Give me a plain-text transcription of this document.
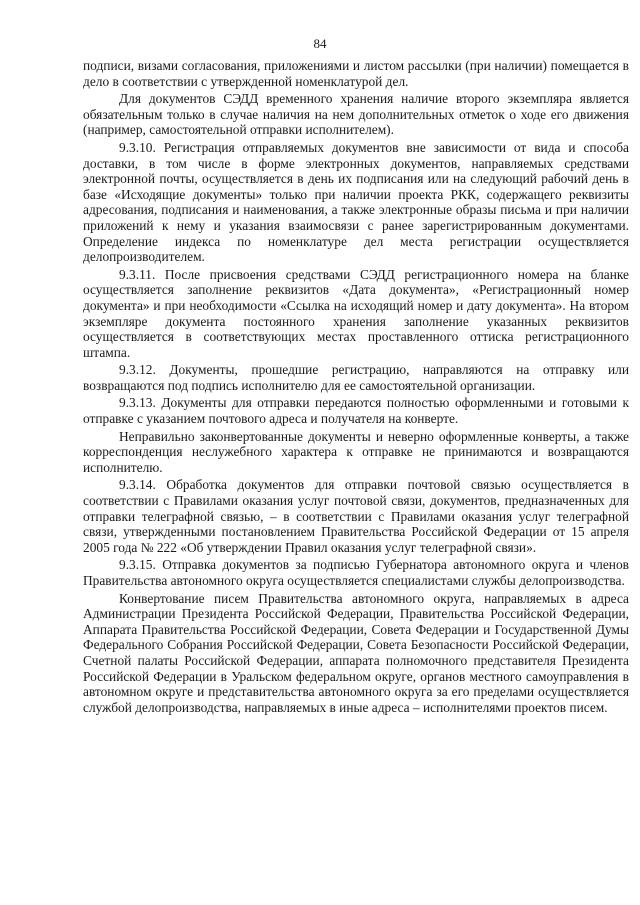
84

подписи, визами согласования, приложениями и листом рассылки (при наличии) помещается в дело в соответствии с утвержденной номенклатурой дел.

Для документов СЭДД временного хранения наличие второго экземпляра является обязательным только в случае наличия на нем дополнительных отметок о ходе его движения (например, самостоятельной отправки исполнителем).

9.3.10. Регистрация отправляемых документов вне зависимости от вида и способа доставки, в том числе в форме электронных документов, направляемых средствами электронной почты, осуществляется в день их подписания или на следующий рабочий день в базе «Исходящие документы» только при наличии проекта РКК, содержащего реквизиты адресования, подписания и наименования, а также электронные образы письма и при наличии приложений к нему и указания взаимосвязи с ранее зарегистрированным документами. Определение индекса по номенклатуре дел места регистрации осуществляется делопроизводителем.

9.3.11. После присвоения средствами СЭДД регистрационного номера на бланке осуществляется заполнение реквизитов «Дата документа», «Регистрационный номер документа» и при необходимости «Ссылка на исходящий номер и дату документа». На втором экземпляре документа постоянного хранения заполнение указанных реквизитов осуществляется в соответствующих местах проставленного оттиска регистрационного штампа.

9.3.12. Документы, прошедшие регистрацию, направляются на отправку или возвращаются под подпись исполнителю для ее самостоятельной организации.

9.3.13. Документы для отправки передаются полностью оформленными и готовыми к отправке с указанием почтового адреса и получателя на конверте.

Неправильно законвертованные документы и неверно оформленные конверты, а также корреспонденция неслужебного характера к отправке не принимаются и возвращаются исполнителю.

9.3.14. Обработка документов для отправки почтовой связью осуществляется в соответствии с Правилами оказания услуг почтовой связи, документов, предназначенных для отправки телеграфной связью, – в соответствии с Правилами оказания услуг телеграфной связи, утвержденными постановлением Правительства Российской Федерации от 15 апреля 2005 года № 222 «Об утверждении Правил оказания услуг телеграфной связи».

9.3.15. Отправка документов за подписью Губернатора автономного округа и членов Правительства автономного округа осуществляется специалистами службы делопроизводства.

Конвертование писем Правительства автономного округа, направляемых в адреса Администрации Президента Российской Федерации, Правительства Российской Федерации, Аппарата Правительства Российской Федерации, Совета Федерации и Государственной Думы Федерального Собрания Российской Федерации, Совета Безопасности Российской Федерации, Счетной палаты Российской Федерации, аппарата полномочного представителя Президента Российской Федерации в Уральском федеральном округе, органов местного самоуправления в автономном округе и представительства автономного округа за его пределами осуществляется службой делопроизводства, направляемых в иные адреса – исполнителями проектов писем.
